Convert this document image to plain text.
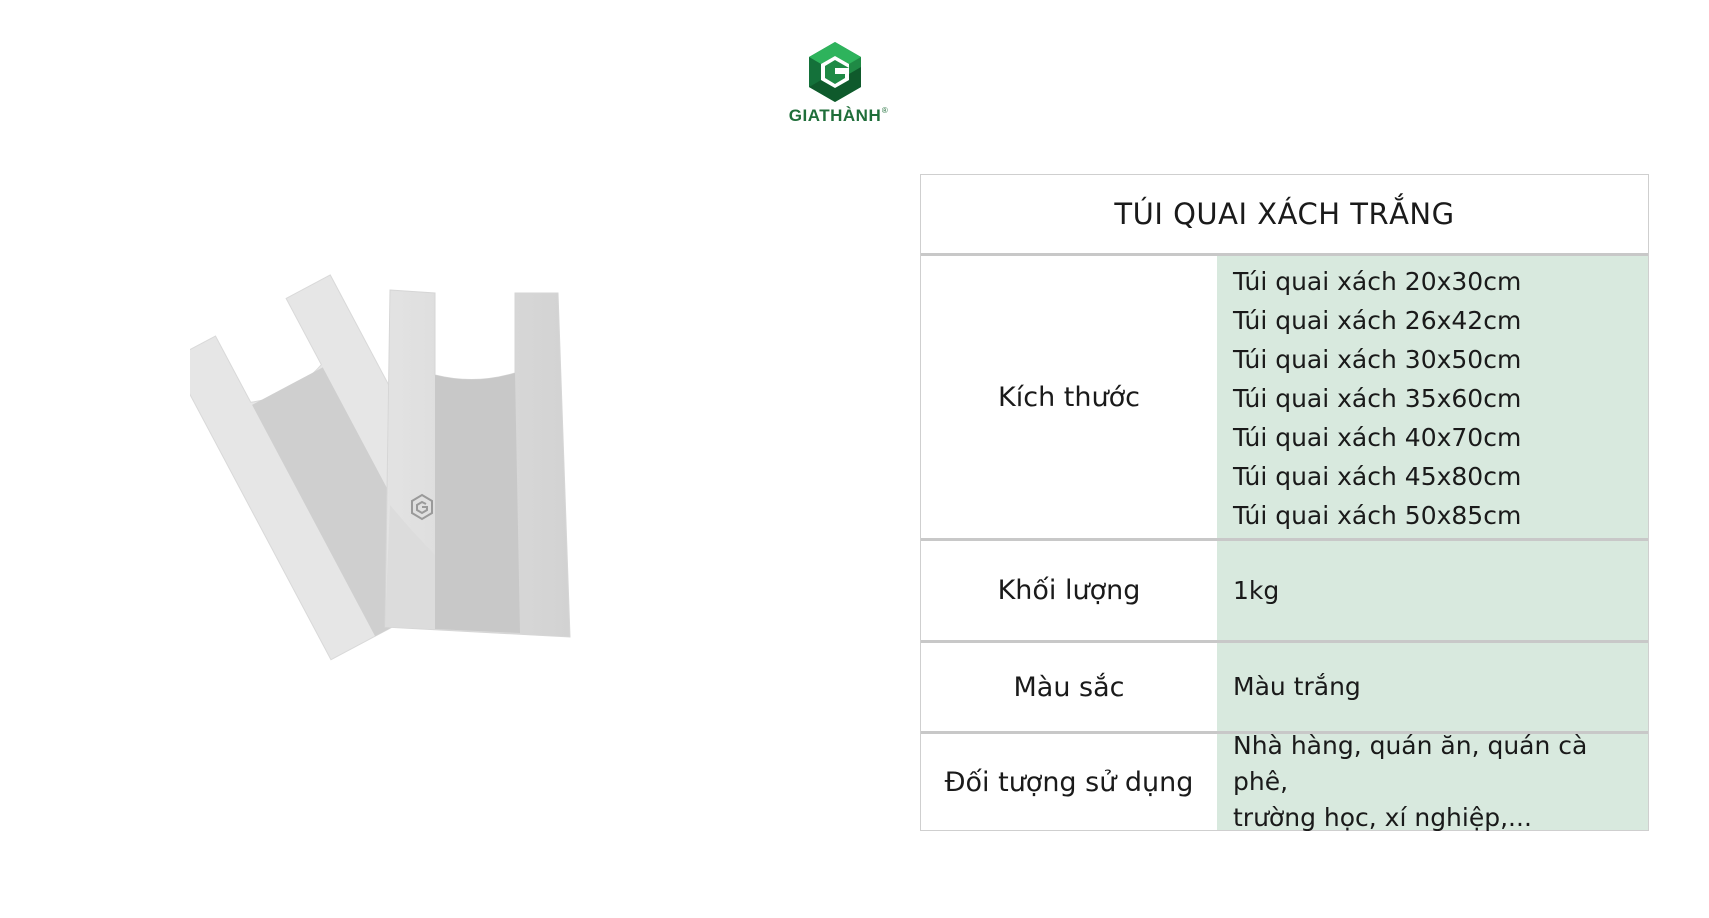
GIATHÀNH ®
TÚI QUAI XÁCH TRẮNG
Kích thước
Túi quai xách 20x30cm
Túi quai xách 26x42cm
Túi quai xách 30x50cm
Túi quai xách 35x60cm
Túi quai xách 40x70cm
Túi quai xách 45x80cm
Túi quai xách 50x85cm
Khối lượng	1kg
Màu sắc	Màu trắng
Đối tượng sử dụng
Nhà hàng, quán ăn, quán cà phê,
trường học, xí nghiệp,...
